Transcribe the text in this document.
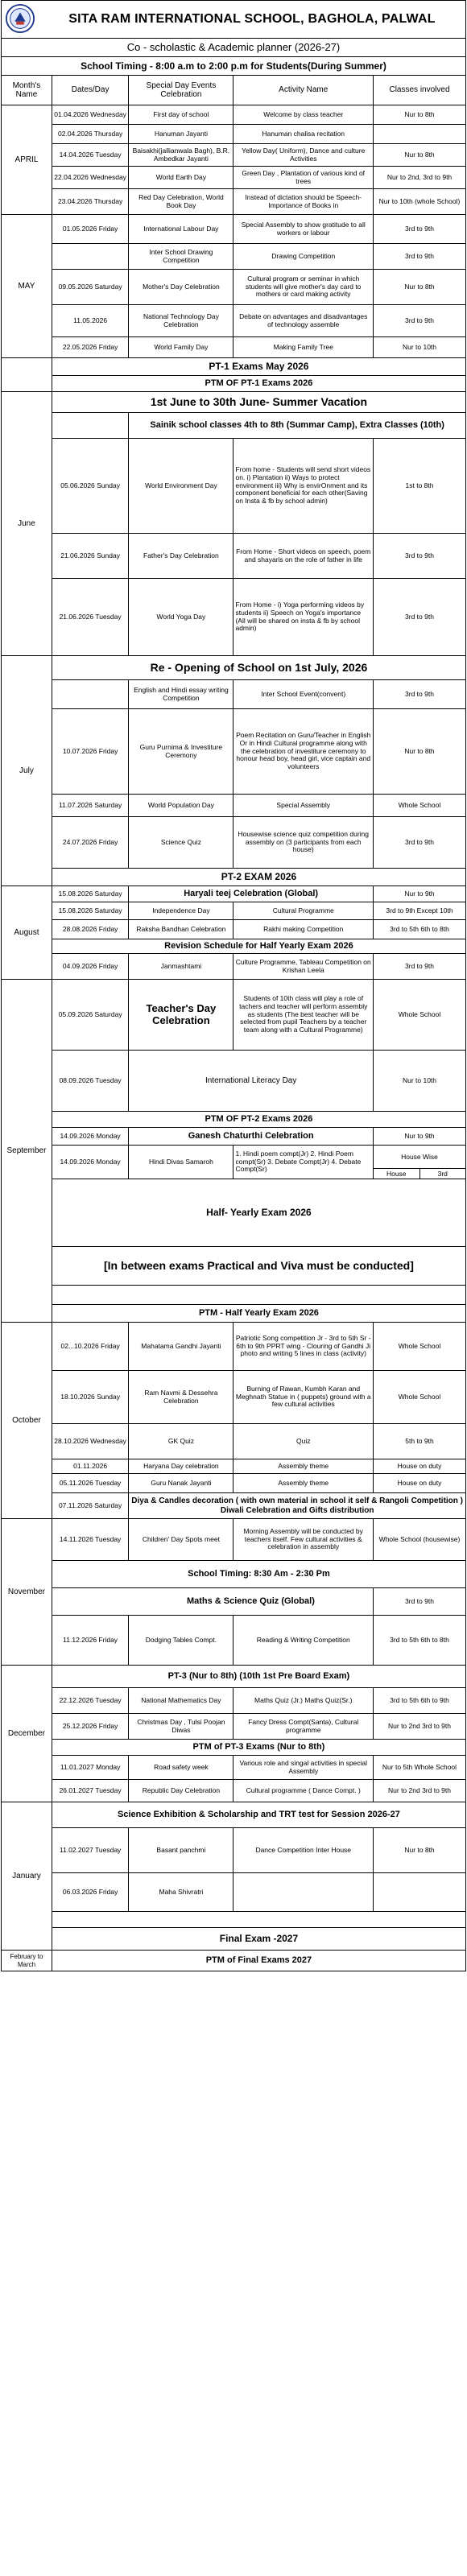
SITA RAM INTERNATIONAL SCHOOL, BAGHOLA, PALWAL
Co - scholastic & Academic planner (2026-27)
School Timing - 8:00 a.m to 2:00 p.m for Students(During Summer)
Month's Name	Dates/Day	Special Day Events Celebration	Activity Name	Classes involved
APRIL	01.04.2026 Wednesday	First day of school	Welcome by class teacher	Nur to 8th
	02.04.2026 Thursday	Hanuman Jayanti	Hanuman chalisa recitation	
	14.04.2026 Tuesday	Baisakhi(jallianwala Bagh), B.R. Ambedkar Jayanti	Yellow Day( Uniform), Dance and culture Activities	Nur to 8th
	22.04.2026 Wednesday	World Earth Day	Green Day , Plantation of various kind of trees	Nur to 2nd, 3rd to 9th
	23.04.2026 Thursday	Red Day Celebration, World Book Day	Instead of dictation should be Speech- Importance of Books in	Nur to 10th (whole School)
MAY	01.05.2026 Friday	International Labour Day	Special Assembly to show gratitude to all workers or labour	3rd to 9th
		Inter School Drawing Competition	Drawing Competition	3rd to 9th
	09.05.2026 Saturday	Mother's Day Celebration	Cultural program or seminar in which students will give mother's day card to mothers or card making activity	Nur to 8th
	11.05.2026	National Technology Day Celebration	Debate on advantages and disadvantages of technology assemble	3rd to 9th
	22.05.2026 Friday	World Family Day	Making Family Tree	Nur to 10th
	PT-1 Exams May 2026			
	PTM OF PT-1 Exams 2026			
June	1st June to 30th June- Summer Vacation			
		Sainik school classes 4th to 8th (Summar Camp), Extra Classes (10th)		
	05.06.2026 Sunday	World Environment Day	From home - Students will send short videos on. i) Plantation ii) Ways to protect environment iii) Why is envirOnment and its component beneficial for each other(Saving on Insta & fb by school admin)	1st to 8th
	21.06.2026 Sunday	Father's Day Celebration	From Home - Short videos on speech, poem and shayaris on the role of father in life	3rd to 9th
	21.06.2026 Tuesday	World Yoga Day	From Home - i) Yoga performing videos by students ii) Speech on Yoga's importance (All will be shared on insta & fb by school admin)	3rd to 9th
July	Re - Opening of School on 1st July, 2026			
		English and Hindi essay writing Competition	Inter School Event(convent)	3rd to 9th
	10.07.2026 Friday	Guru Purnima & Investiture Ceremony	Poem Recitation on Guru/Teacher in English Or in Hindi Cultural programme along with the celebration of investiture ceremony to honour head boy, head girl, vice captain and volunteers	Nur to 8th
	11.07.2026 Saturday	World Population Day	Special Assembly	Whole School
	24.07.2026 Friday	Science Quiz	Housewise science quiz competition during assembly on (3 participants from each house)	3rd to 9th
	PT-2 EXAM 2026			
August	15.08.2026 Saturday	Haryali teej Celebration (Global)		Nur to 9th
	15.08.2026 Saturday	Independence Day	Cultural Programme	3rd to 9th Except 10th
	28.08.2026 Friday	Raksha Bandhan Celebration	Rakhi making Competition	3rd to 5th 6th to 8th
	Revision Schedule for Half Yearly Exam 2026			
	04.09.2026 Friday	Janmashtami	Culture Programme, Tableau Competition on Krishan Leela	3rd to 9th
September	05.09.2026 Saturday	Teacher's Day Celebration	Students of 10th class will play a role of tachers and teacher will perform assembly as students (The best teacher will be selected from pupil Teachers by a teacher team along with a Cultural Programme)	Whole School
	08.09.2026 Tuesday	International Literacy Day		Nur to 10th
	PTM OF PT-2 Exams 2026			
	14.09.2026 Monday	Ganesh Chaturthi Celebration		Nur to 9th
	14.09.2026 Monday	Hindi Divas Samaroh	1. Hindi poem compt(Jr) 2. Hindi Poem compt(Sr) 3. Debate Compt(Jr) 4. Debate Compt(Sr)	House Wise
House 3rd

	Half- Yearly Exam 2026			
	[In between exams Practical and Viva must be conducted]			

	PTM - Half Yearly Exam 2026			
October	02...10.2026 Friday	Mahatama Gandhi Jayanti	Patriotic Song competition Jr - 3rd to 5th Sr - 6th to 9th PPRT wing - Clouring of Gandhi Ji photo and writing 5 lines in class (activity)	Whole School
	18.10.2026 Sunday	Ram Navmi & Dessehra Celebration	Burning of Rawan, Kumbh Karan and Meghnath Statue in ( puppets) ground with a few cultural activities	Whole School
	28.10.2026 Wednesday	GK Quiz	Quiz	5th to 9th
	01.11.2026	Haryana Day celebration	Assembly theme	House on duty
	05.11.2026 Tuesday	Guru Nanak Jayanti	Assembly theme	House on duty
	07.11.2026 Saturday	Diya & Candles decoration ( with own material in school it self & Rangoli Competition ) Diwali Celebration and Gifts distribution		
November	14.11.2026 Tuesday	Children' Day Spots meet	Morning Assembly will be conducted by teachers itself. Few cultural activities & celebration in assembly	Whole School (housewise)
	School Timing: 8:30 Am - 2:30 Pm			
		Maths & Science Quiz (Global)		3rd to 9th
	11.12.2026 Friday	Dodging Tables Compt.	Reading & Writing Competition	3rd to 5th 6th to 8th
December	PT-3 (Nur to 8th) (10th 1st Pre Board Exam)			
	22.12.2026 Tuesday	National Mathematics Day	Maths Quiz (Jr.) Maths Quiz(Sr.)	3rd to 5th 6th to 9th
	25.12.2026 Friday	Christmas Day , Tulsi Poojan Diwas	Fancy Dress Compt(Santa), Cultural programme	Nur to 2nd 3rd to 9th
	PTM of PT-3 Exams (Nur to 8th)			
	11.01.2027 Monday	Road safety week	Various role and singal activities in special Assembly	Nur to 5th Whole School
	26.01.2027 Tuesday	Republic Day Celebration	Cultural programme ( Dance Compt. )	Nur to 2nd 3rd to 9th
January	Science Exhibition & Scholarship and TRT test for Session 2026-27			
	11.02.2027 Tuesday	Basant panchmi	Dance Competition Inter House	Nur to 8th
	06.03.2026 Friday	Maha Shivratri		

	Final Exam -2027			
February to March	PTM of Final Exams 2027			
